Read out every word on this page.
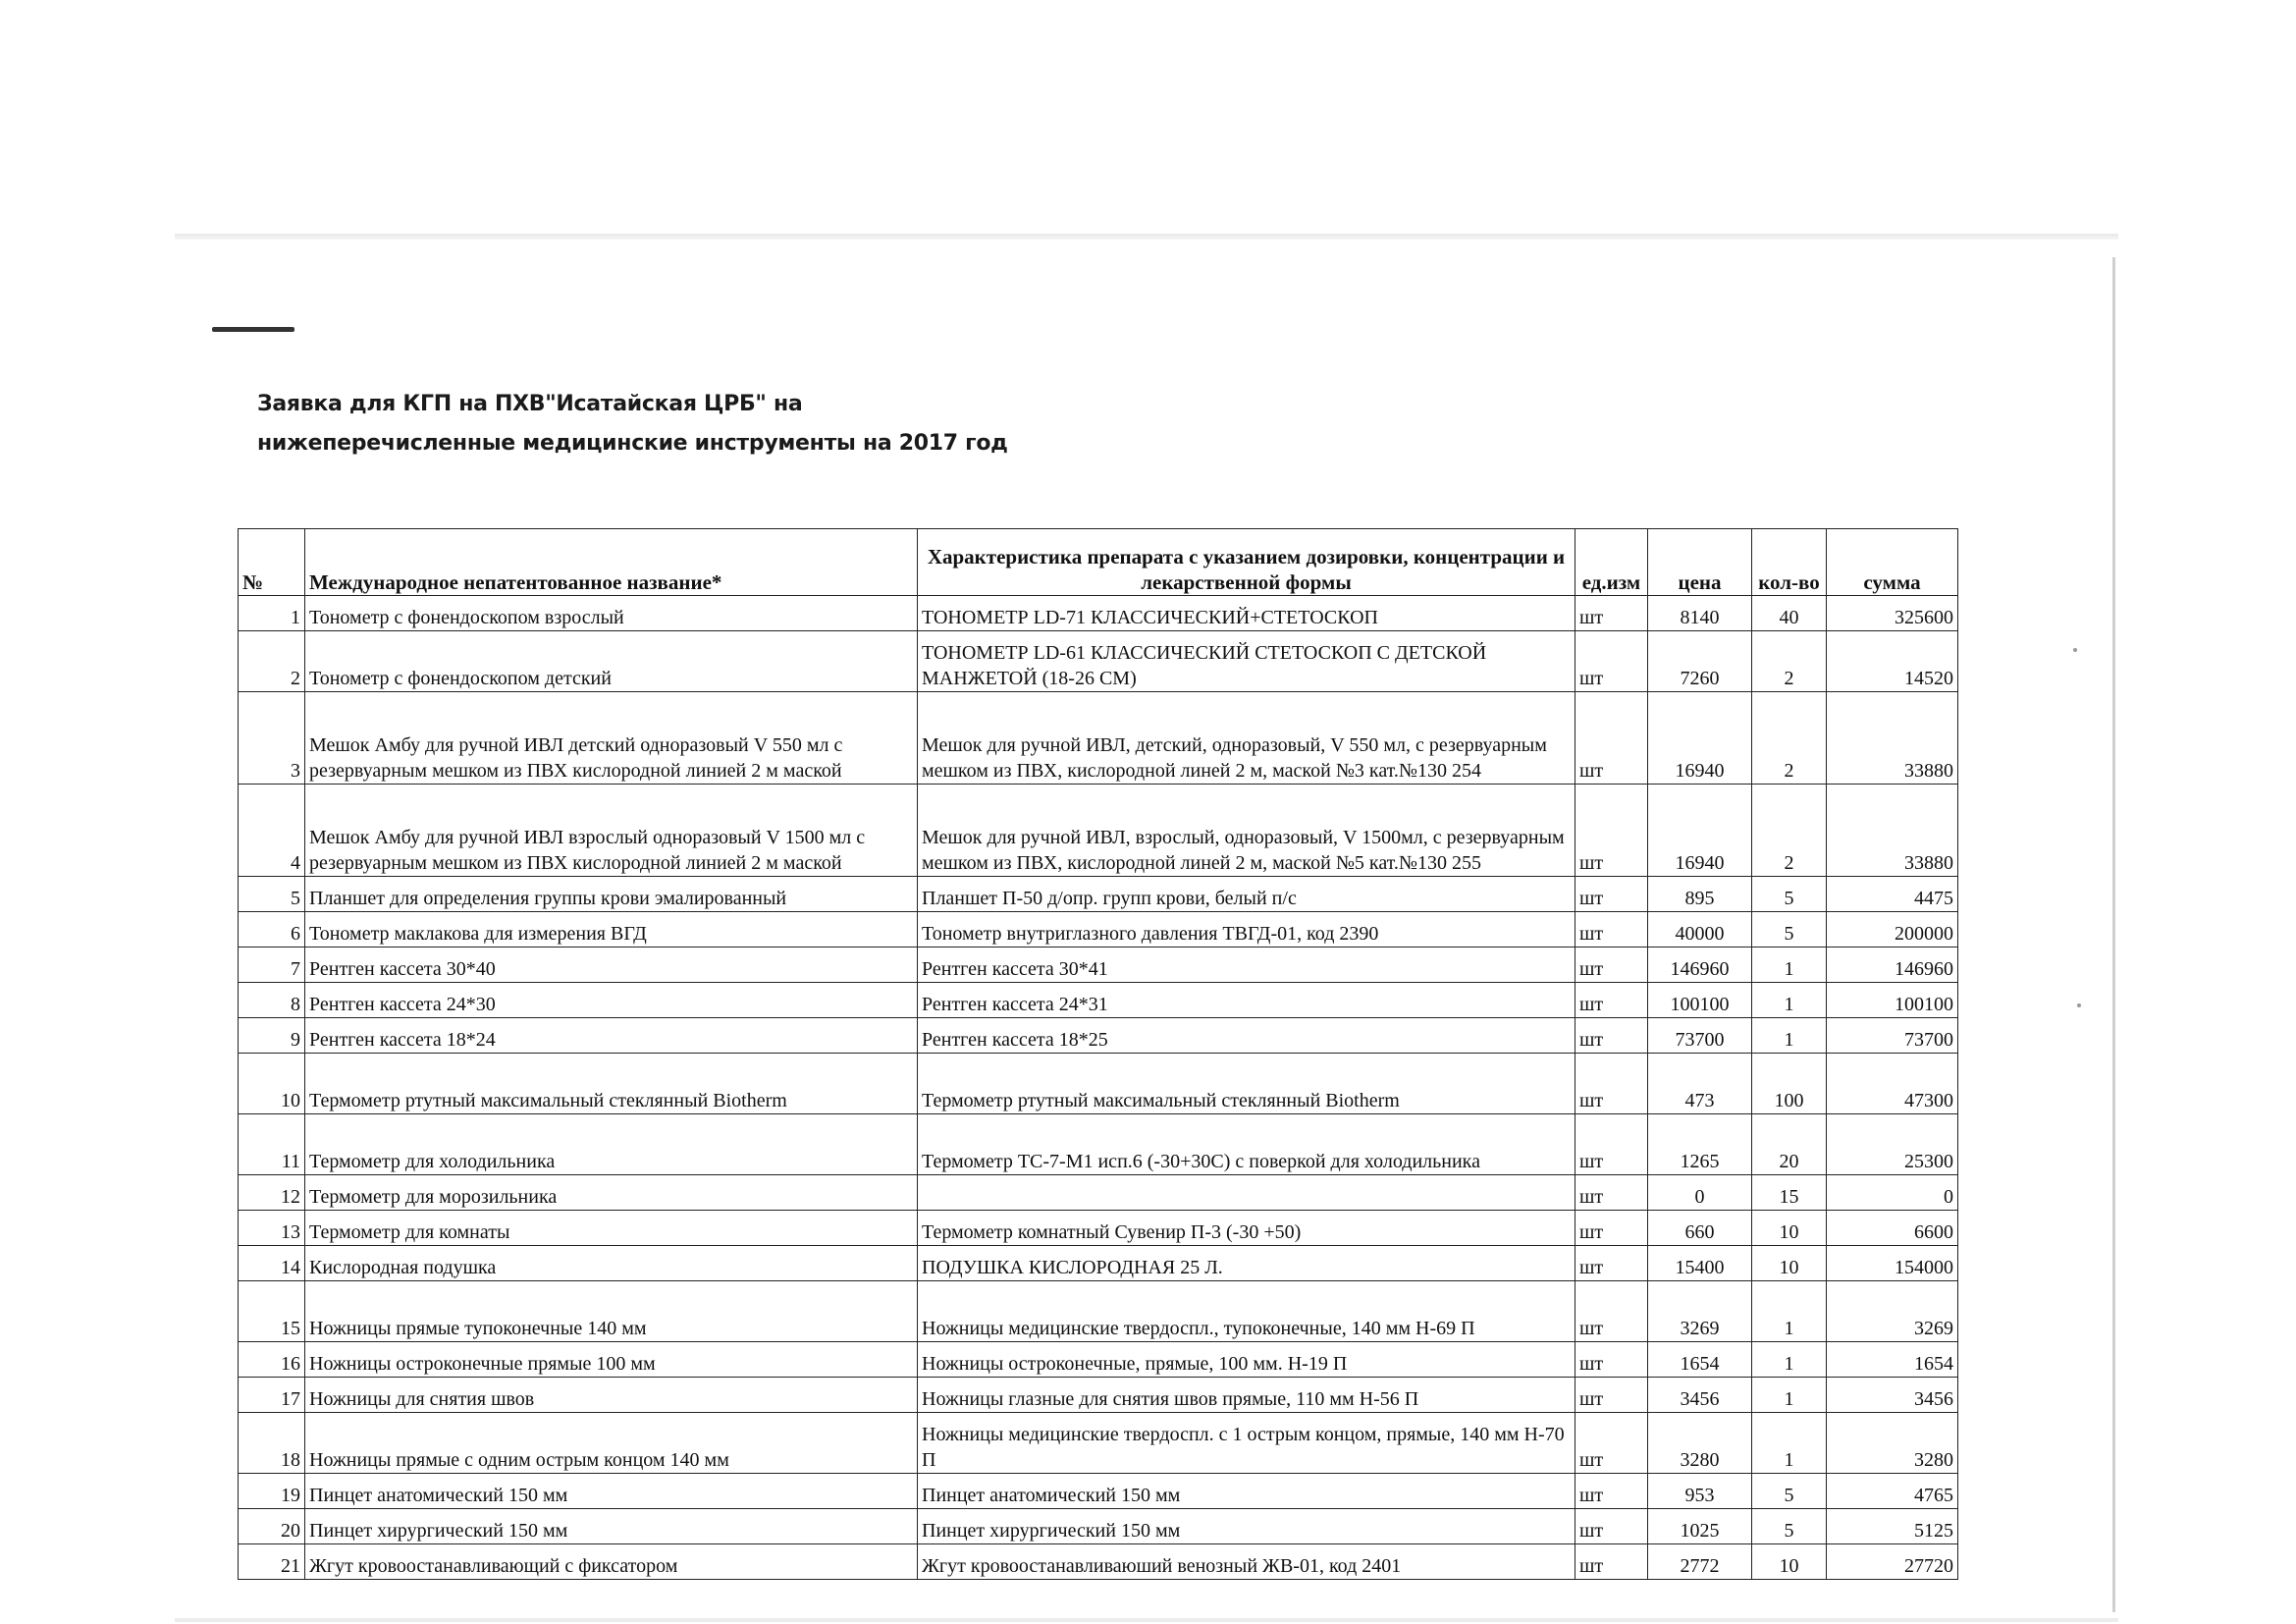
Заявка для КГП на ПХВ"Исатайская ЦРБ" на
нижеперечисленные медицинские инструменты на 2017 год
№	Международное непатентованное название*	Характеристика препарата с указанием дозировки, концентрации и лекарственной формы	ед.изм	цена	кол-во	сумма
1	Тонометр с фонендоскопом взрослый	ТОНОМЕТР LD-71 КЛАССИЧЕСКИЙ+СТЕТОСКОП	шт	8140	40	325600
2	Тонометр с фонендоскопом детский	ТОНОМЕТР LD-61 КЛАССИЧЕСКИЙ СТЕТОСКОП С ДЕТСКОЙ МАНЖЕТОЙ (18-26 СМ)	шт	7260	2	14520
3	Мешок Амбу для ручной ИВЛ детский одноразовый V 550 мл с резервуарным мешком из ПВХ кислородной линией 2 м маской	Мешок для ручной ИВЛ, детский, одноразовый, V 550 мл, с резервуарным мешком из ПВХ, кислородной линей 2 м, маской №3 кат.№130 254	шт	16940	2	33880
4	Мешок Амбу для ручной ИВЛ взрослый одноразовый V 1500 мл с резервуарным мешком из ПВХ кислородной линией 2 м маской	Мешок для ручной ИВЛ, взрослый, одноразовый, V 1500мл, с резервуарным мешком из ПВХ, кислородной линей 2 м, маской №5 кат.№130 255	шт	16940	2	33880
5	Планшет для определения группы крови эмалированный	Планшет П-50 д/опр. групп крови, белый п/с	шт	895	5	4475
6	Тонометр маклакова для измерения ВГД	Тонометр внутриглазного давления ТВГД-01, код 2390	шт	40000	5	200000
7	Рентген кассета 30*40	Рентген кассета 30*41	шт	146960	1	146960
8	Рентген кассета 24*30	Рентген кассета 24*31	шт	100100	1	100100
9	Рентген кассета 18*24	Рентген кассета 18*25	шт	73700	1	73700
10	Термометр ртутный максимальный стеклянный Biotherm	Термометр ртутный максимальный стеклянный Biotherm	шт	473	100	47300
11	Термометр для холодильника	Термометр ТС-7-М1 исп.6 (-30+30С) с поверкой для холодильника	шт	1265	20	25300
12	Термометр для морозильника		шт	0	15	0
13	Термометр для комнаты	Термометр комнатный Сувенир П-3 (-30 +50)	шт	660	10	6600
14	Кислородная подушка	ПОДУШКА КИСЛОРОДНАЯ 25 Л.	шт	15400	10	154000
15	Ножницы прямые тупоконечные 140 мм	Ножницы медицинские твердоспл., тупоконечные, 140 мм Н-69 П	шт	3269	1	3269
16	Ножницы остроконечные прямые 100 мм	Ножницы остроконечные, прямые, 100 мм. Н-19 П	шт	1654	1	1654
17	Ножницы для снятия швов	Ножницы глазные для снятия швов прямые, 110 мм Н-56 П	шт	3456	1	3456
18	Ножницы прямые с одним острым концом 140 мм	Ножницы медицинские твердоспл. с 1 острым концом, прямые, 140 мм Н-70 П	шт	3280	1	3280
19	Пинцет анатомический 150 мм	Пинцет анатомический 150 мм	шт	953	5	4765
20	Пинцет хирургический 150 мм	Пинцет хирургический 150 мм	шт	1025	5	5125
21	Жгут кровоостанавливающий с фиксатором	Жгут кровоостанавливаюший венозный ЖВ-01, код 2401	шт	2772	10	27720
